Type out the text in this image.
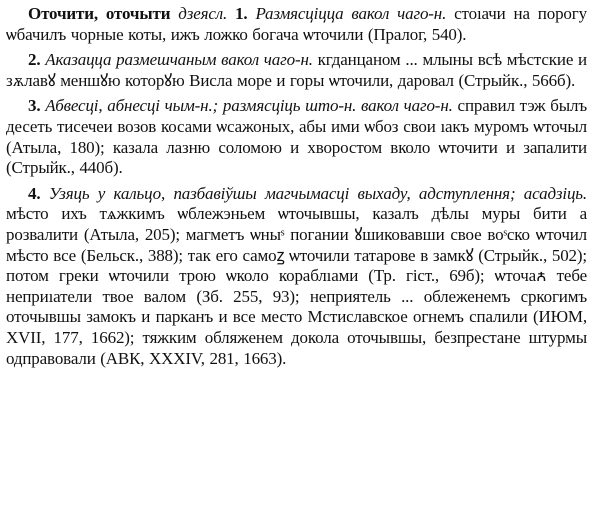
Оточити, оточыти дзеясл. 1. Размясціцца вакол чаго-н. стоıачи на порогу ѡбачилъ чорные коты, ижъ ложко богача ѡточили (Пралог, 540).

2. Аказацца размешчаным вакол чаго-н. кгданцаном ... млыны всѣ мѣстские и зѫлавꙋ меншꙋю которꙋю Висла море и горы ѡточили, даровал (Стрыйк., 566б).

3. Абвесці, абнесці чым-н.; размясціць што-н. вакол чаго-н. справил тэж былъ десеть тисечеи возов косами ѡсажоных, абы ими ѡбоз свои ıакъ муромъ ѡточыл (Атыла, 180); казала лазню соломою и хворостом вколо ѡточити и запалити (Стрыйк., 440б).

4. Узяць у кальцо, пазбавіўшы магчымасці выхаду, адступлення; асадзіць. мѣсто ихъ тѧжкимъ ѡблежэньем ѡточывшы, казалъ дѣлы муры бити а розвалити (Атыла, 205); магметъ ѡныˢ погании ꙋшиковавши свое воˢско ѡточил мѣсто все (Бельск., 388); так его самоꙁ ѡточили татарове в замкꙋ (Стрыйк., 502); потом греки ѡточили трою ѡколо кораблıами (Тр. гіст., 69б); ѡточаꙉ тебе неприıатели твое валом (Зб. 255, 93); неприятель ... облеженемъ сркогимъ оточывшы замокъ и парканъ и все место Мстиславское огнемъ спалили (ИЮМ, XVII, 177, 1662); тяжким обляженем докола оточывшы, безпрестане штурмы одправовали (АВК, XXXIV, 281, 1663).
